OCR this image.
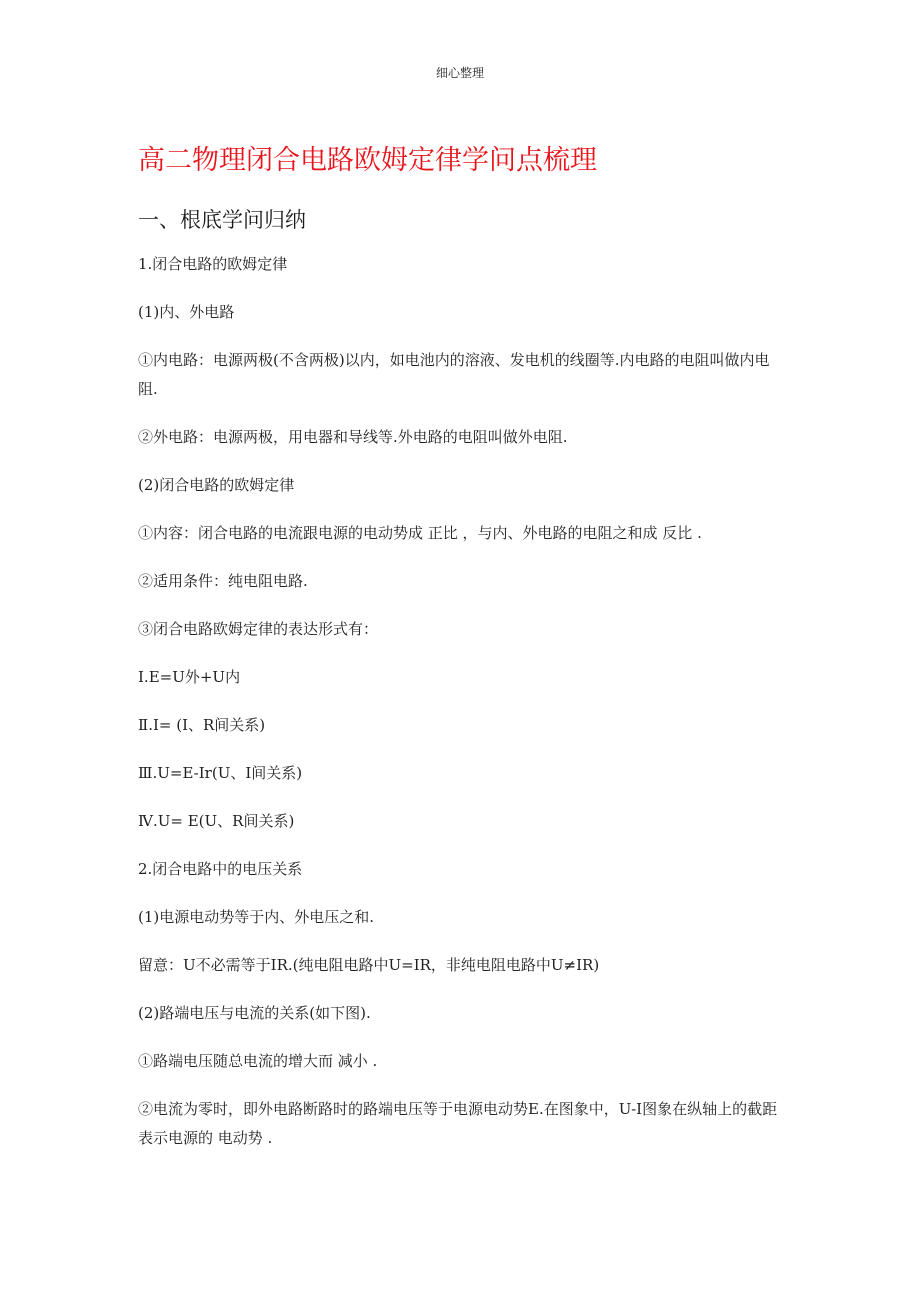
细心整理
高二物理闭合电路欧姆定律学问点梳理
一、根底学问归纳

1.闭合电路的欧姆定律

(1)内、外电路

①内电路：电源两极(不含两极)以内，如电池内的溶液、发电机的线圈等.内电路的电阻叫做内电阻.

②外电路：电源两极，用电器和导线等.外电路的电阻叫做外电阻.

(2)闭合电路的欧姆定律

①内容：闭合电路的电流跟电源的电动势成 正比 ，与内、外电路的电阻之和成 反比 .

②适用条件：纯电阻电路.

③闭合电路欧姆定律的表达形式有：

Ⅰ.E=U外+U内

Ⅱ.I= (I、R间关系)

Ⅲ.U=E-Ir(U、I间关系)

Ⅳ.U= E(U、R间关系)

2.闭合电路中的电压关系

(1)电源电动势等于内、外电压之和.

留意：U不必需等于IR.(纯电阻电路中U=IR，非纯电阻电路中U≠IR)

(2)路端电压与电流的关系(如下图).

①路端电压随总电流的增大而 减小 .

②电流为零时，即外电路断路时的路端电压等于电源电动势E.在图象中，U-I图象在纵轴上的截距表示电源的 电动势 .
